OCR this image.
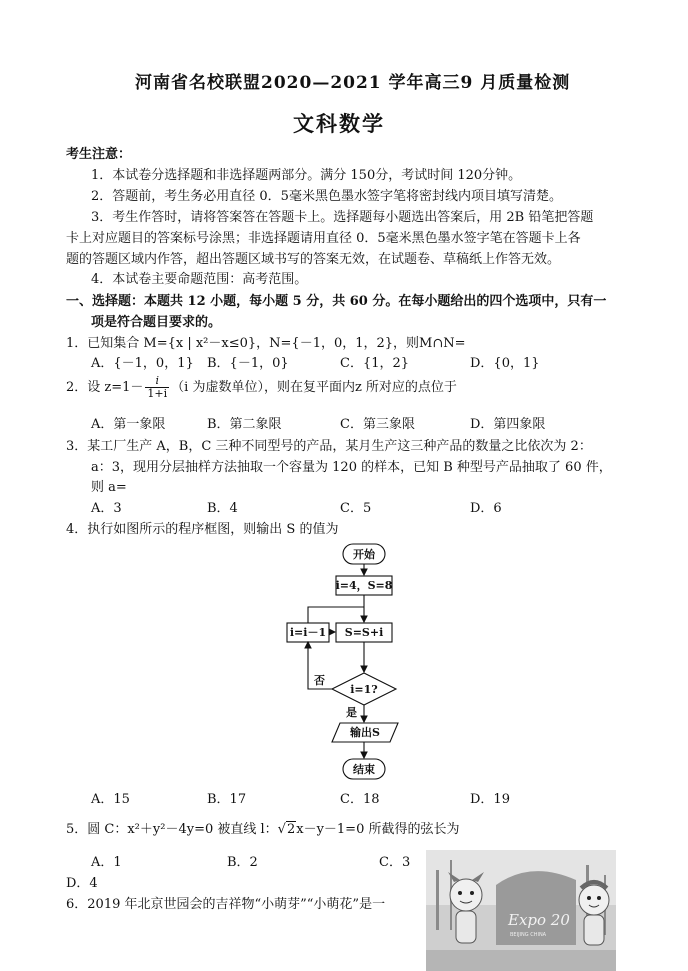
河南省名校联盟2020—2021 学年高三9 月质量检测
文科数学
考生注意：
1．本试卷分选择题和非选择题两部分。满分 150分，考试时间 120分钟。
2．答题前，考生务必用直径 0．5毫米黑色墨水签字笔将密封线内项目填写清楚。
3．考生作答时，请将答案答在答题卡上。选择题每小题选出答案后，用 2B 铅笔把答题
卡上对应题目的答案标号涂黑；非选择题请用直径 0．5毫米黑色墨水签字笔在答题卡上各
题的答题区域内作答，超出答题区域书写的答案无效，在试题卷、草稿纸上作答无效。
4．本试卷主要命题范围：高考范围。
一、选择题：本题共 12 小题，每小题 5 分，共 60 分。在每小题给出的四个选项中，只有一
项是符合题目要求的。
1．已知集合 M={x | x²－x≤0}，N={－1，0，1，2}，则M∩N=
A．{－1，0，1} B．{－1，0}	C．{1，2}	D．{0，1}
2．设 $z=1- \frac{i}{1+i} (i$ 为虚数单位），则在复平面内z 所对应的点位于
A．第一象限	B．第二象限	C．第三象限	D．第四象限
3．某工厂生产 A，B，C 三种不同型号的产品，某月生产这三种产品的数量之比依次为 2：
a：3，现用分层抽样方法抽取一个容量为 120 的样本，已知 B 种型号产品抽取了 60 件，
则 a=
A．3	B．4	C．5	D．6
4．执行如图所示的程序框图，则输出 S 的值为
开始
i=4，S=8
S=S+i
i=i－1
i=1?
否
是
输出S
结束
A．15	B．17	C．18	D．19
5．圆 C：x²＋y²－4y=0 被直线 l：√2x－y－1=0 所截得的弦长为
A．1	B．2	C．3
D．4
6．2019 年北京世园会的吉祥物“小萌芽”“小萌花”是一
Expo 20
BEIJING CHINA
